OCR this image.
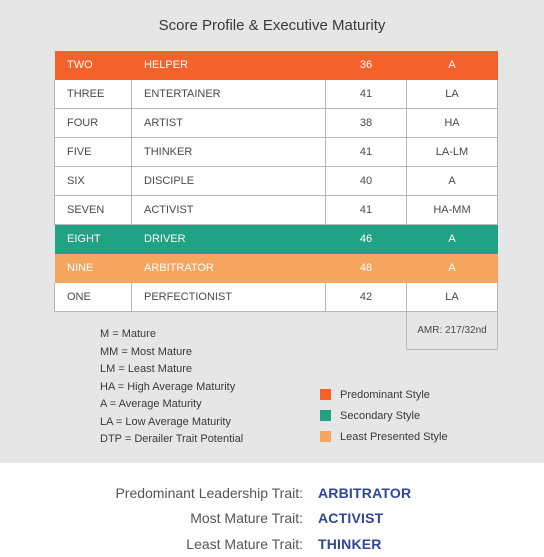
Score Profile & Executive Maturity
TWO	HELPER	36	A
THREE	ENTERTAINER	41	LA
FOUR	ARTIST	38	HA
FIVE	THINKER	41	LA-LM
SIX	DISCIPLE	40	A
SEVEN	ACTIVIST	41	HA-MM
EIGHT	DRIVER	46	A
NINE	ARBITRATOR	48	A
ONE	PERFECTIONIST	42	LA
AMR: 217/32nd
M = Mature
MM = Most Mature
LM = Least Mature
HA = High Average Maturity
A = Average Maturity
LA = Low Average Maturity
DTP = Derailer Trait Potential
Predominant Style
Secondary Style
Least Presented Style
Predominant Leadership Trait:	ARBITRATOR
Most Mature Trait:	ACTIVIST
Least Mature Trait:	THINKER
